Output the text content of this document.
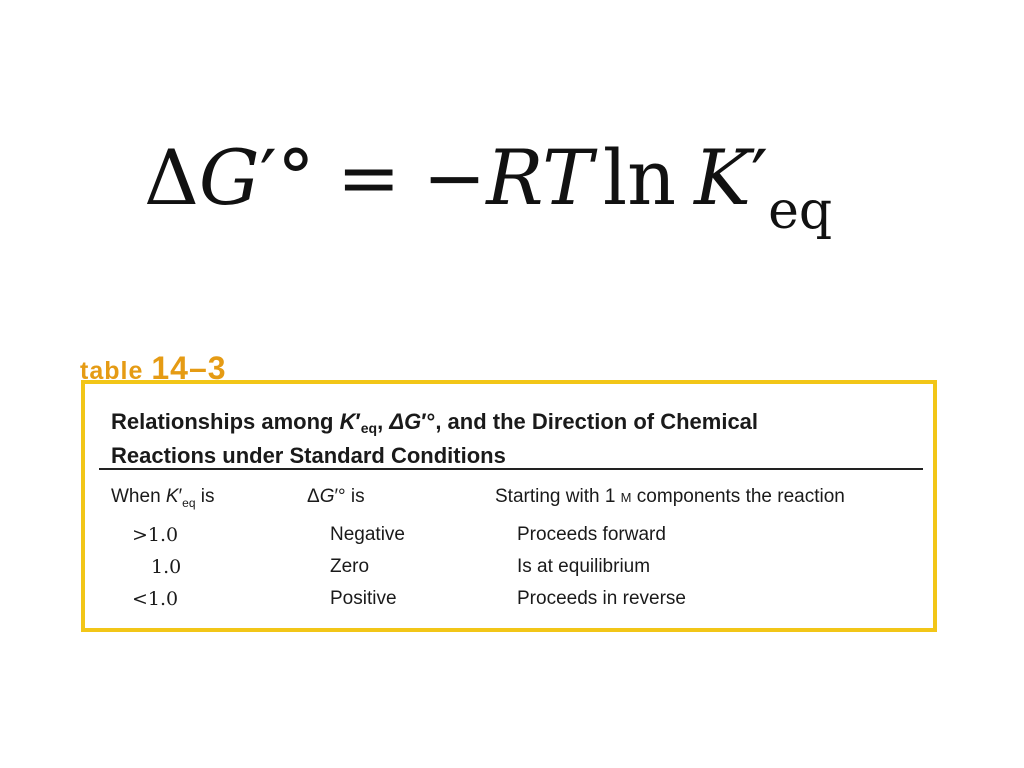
ΔG′° = −RT $\ln K'_{eq}$
table 14–3
Relationships among $K'_{eq}$, ΔG′°, and the Direction of Chemical
Reactions under Standard Conditions
When $K'_{eq}$ is	ΔG′° is	Starting with 1 M components the reaction
>1.0	Negative	Proceeds forward
1.0	Zero	Is at equilibrium
<1.0	Positive	Proceeds in reverse
